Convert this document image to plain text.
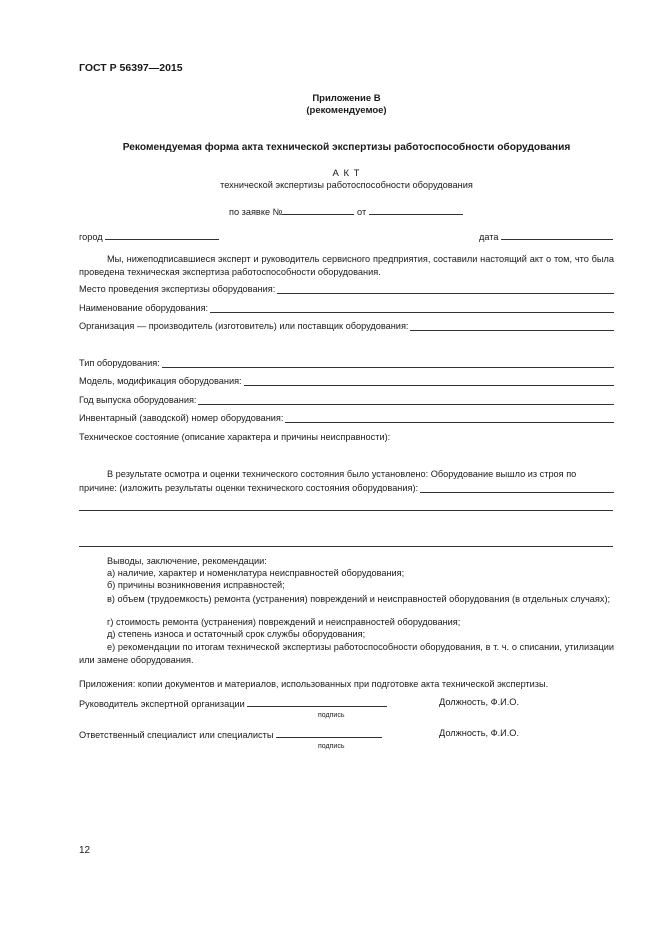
ГОСТ Р 56397—2015
Приложение В
(рекомендуемое)
Рекомендуемая форма акта технической экспертизы работоспособности оборудования
А К Т
технической экспертизы работоспособности оборудования
по заявке №	от
город	дата
Мы, нижеподписавшиеся эксперт и руководитель сервисного предприятия, составили настоящий акт о том, что была проведена техническая экспертиза работоспособности оборудования.
Место проведения экспертизы оборудования:
Наименование оборудования:
Организация — производитель (изготовитель) или поставщик оборудования:
Тип оборудования:
Модель, модификация оборудования:
Год выпуска оборудования:
Инвентарный (заводской) номер оборудования:
Техническое состояние (описание характера и причины неисправности):
В результате осмотра и оценки технического состояния было установлено: Оборудование вышло из строя по
причине: (изложить результаты оценки технического состояния оборудования):
Выводы, заключение, рекомендации:
а) наличие, характер и номенклатура неисправностей оборудования;
б) причины возникновения исправностей;
в) объем (трудоемкость) ремонта (устранения) повреждений и неисправностей оборудования (в отдельных случаях);
г) стоимость ремонта (устранения) повреждений и неисправностей оборудования;
д) степень износа и остаточный срок службы оборудования;
е) рекомендации по итогам технической экспертизы работоспособности оборудования, в т. ч. о списании, утилизации или замене оборудования.
Приложения: копии документов и материалов, использованных при подготовке акта технической экспертизы.
Руководитель экспертной организации	Должность, Ф.И.О.
подпись
Ответственный специалист или специалисты	Должность, Ф.И.О.
подпись
12
